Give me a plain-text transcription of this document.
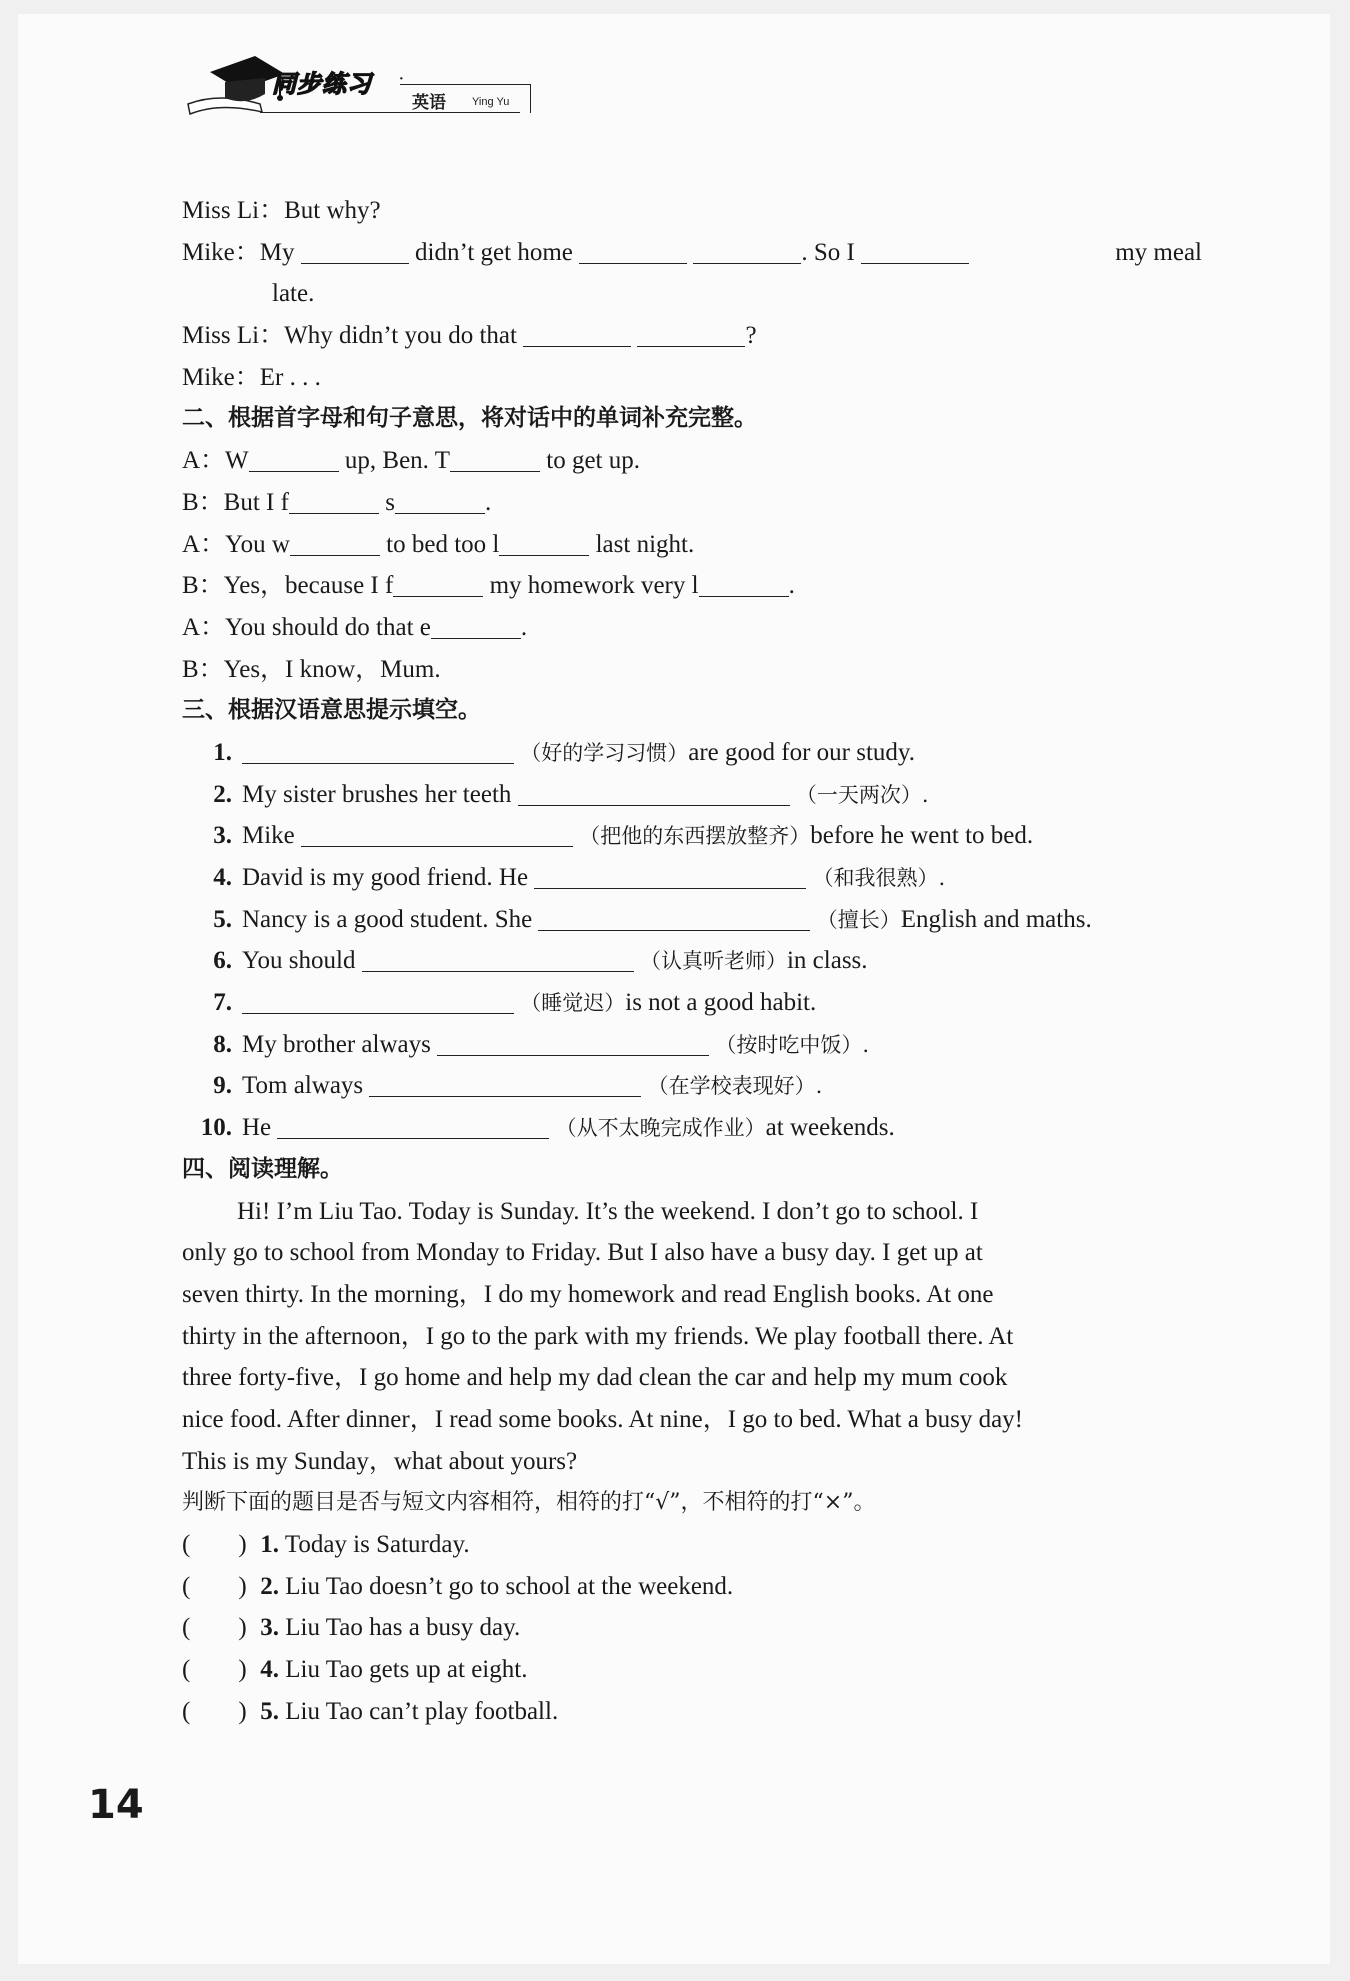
同步练习 ·
英语 Ying Yu
Miss Li：But why?
Mike：My	didn’t get home	. So I	my meal
late.
Miss Li：Why didn’t you do that	?
Mike：Er . . .
二、根据首字母和句子意思，将对话中的单词补充完整。
A：W	up, Ben. T	to get up.
B：But I f	s	.
A：You w	to bed too l	last night.
B：Yes，because I f	my homework very l	.
A：You should do that e	.
B：Yes，I know，Mum.
三、根据汉语意思提示填空。
1.	（好的学习习惯）are good for our study.
2. My sister brushes her teeth	（一天两次）.
3. Mike	（把他的东西摆放整齐）before he went to bed.
4. David is my good friend. He	（和我很熟）.
5. Nancy is a good student. She	（擅长）English and maths.
6. You should	（认真听老师）in class.
7.	（睡觉迟）is not a good habit.
8. My brother always	（按时吃中饭）.
9. Tom always	（在学校表现好）.
10. He	（从不太晚完成作业）at weekends.
四、阅读理解。
Hi! I’m Liu Tao. Today is Sunday. It’s the weekend. I don’t go to school. I
only go to school from Monday to Friday. But I also have a busy day. I get up at
seven thirty. In the morning，I do my homework and read English books. At one
thirty in the afternoon，I go to the park with my friends. We play football there. At
three forty-five，I go home and help my dad clean the car and help my mum cook
nice food. After dinner，I read some books. At nine，I go to bed. What a busy day!
This is my Sunday，what about yours?
判断下面的题目是否与短文内容相符，相符的打“√”，不相符的打“×”。
( ) 1. Today is Saturday.
( ) 2. Liu Tao doesn’t go to school at the weekend.
( ) 3. Liu Tao has a busy day.
( ) 4. Liu Tao gets up at eight.
( ) 5. Liu Tao can’t play football.
14
